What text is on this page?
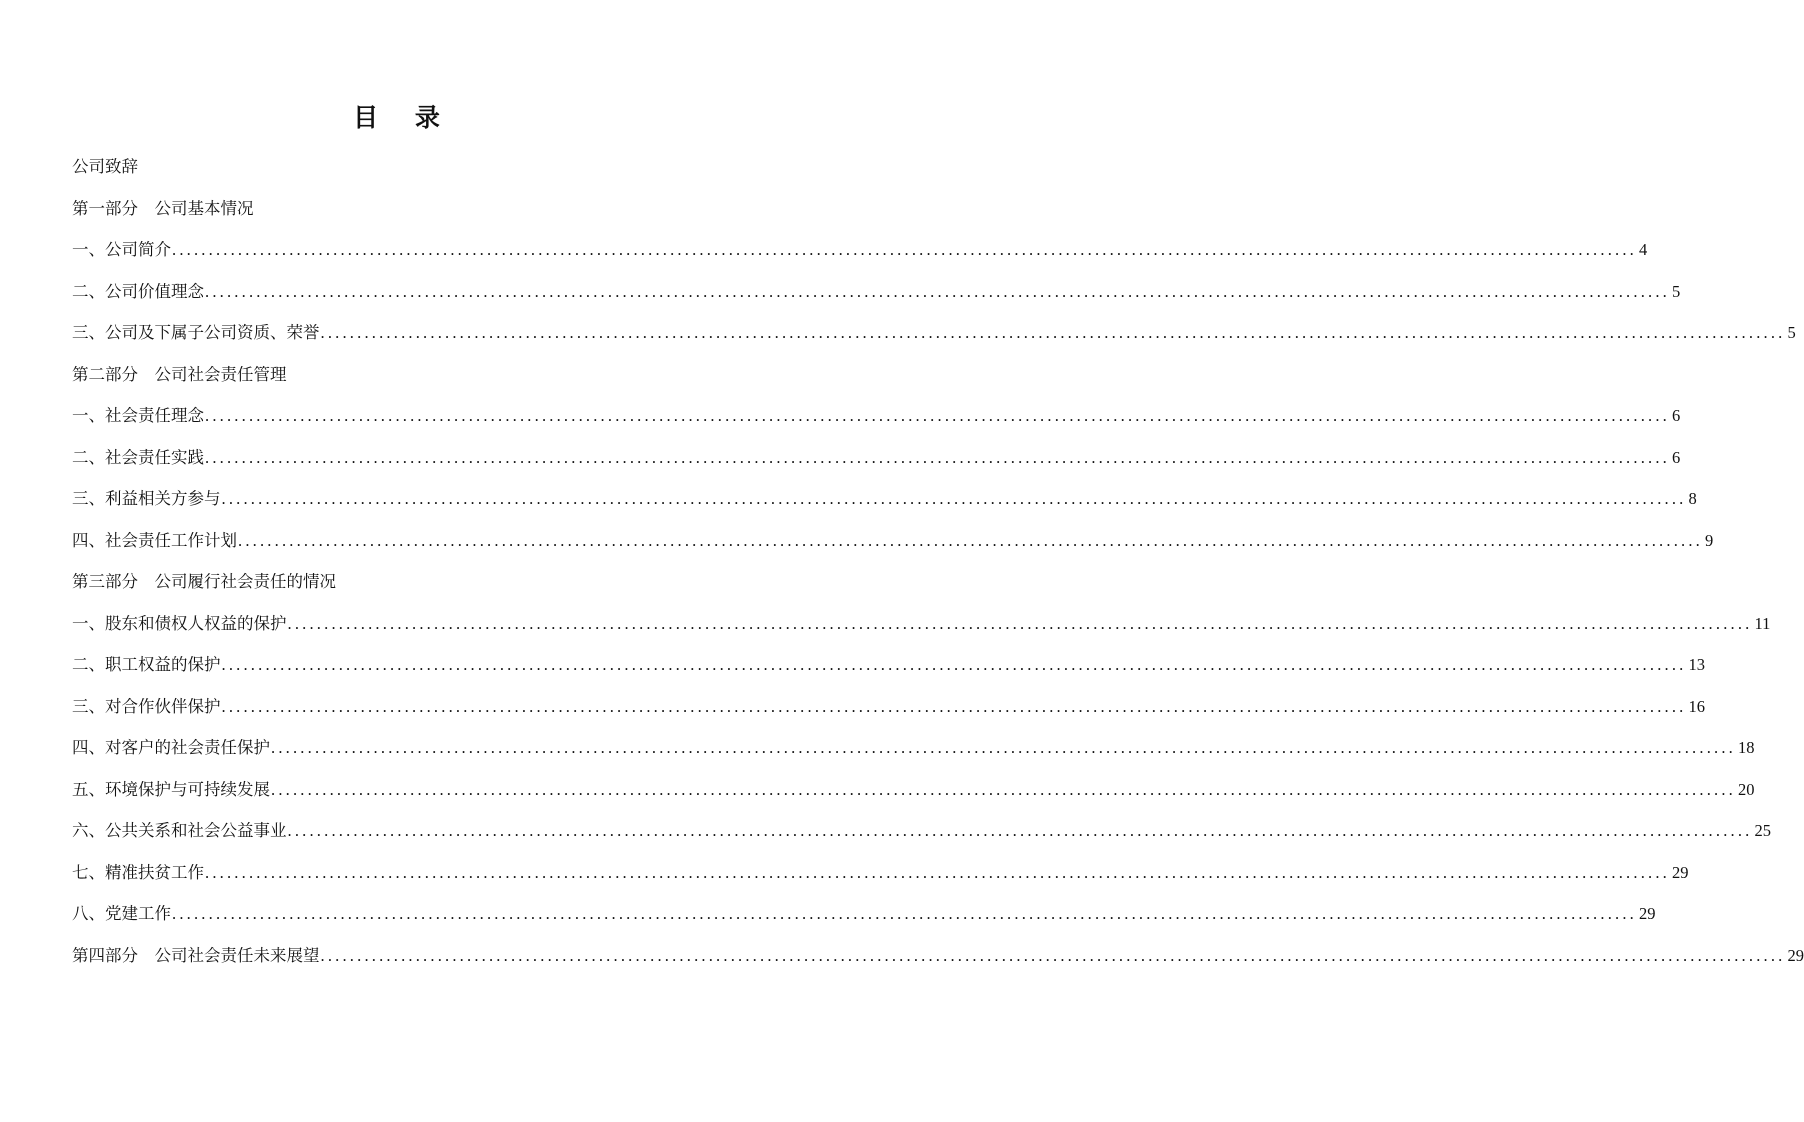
目 录
公司致辞
第一部分　公司基本情况
一、公司简介 ........................................................................................................................................................................................................ 4
二、公司价值理念 ........................................................................................................................................................................................................ 5
三、公司及下属子公司资质、荣誉 ........................................................................................................................................................................................................ 5
第二部分　公司社会责任管理
一、社会责任理念 ........................................................................................................................................................................................................ 6
二、社会责任实践 ........................................................................................................................................................................................................ 6
三、利益相关方参与 ........................................................................................................................................................................................................ 8
四、社会责任工作计划 ........................................................................................................................................................................................................ 9
第三部分　公司履行社会责任的情况
一、股东和债权人权益的保护 ........................................................................................................................................................................................................ 11
二、职工权益的保护 ........................................................................................................................................................................................................ 13
三、对合作伙伴保护 ........................................................................................................................................................................................................ 16
四、对客户的社会责任保护 ........................................................................................................................................................................................................ 18
五、环境保护与可持续发展 ........................................................................................................................................................................................................ 20
六、公共关系和社会公益事业 ........................................................................................................................................................................................................ 25
七、精准扶贫工作 ........................................................................................................................................................................................................ 29
八、党建工作 ........................................................................................................................................................................................................ 29
第四部分　公司社会责任未来展望 ........................................................................................................................................................................................................ 29
